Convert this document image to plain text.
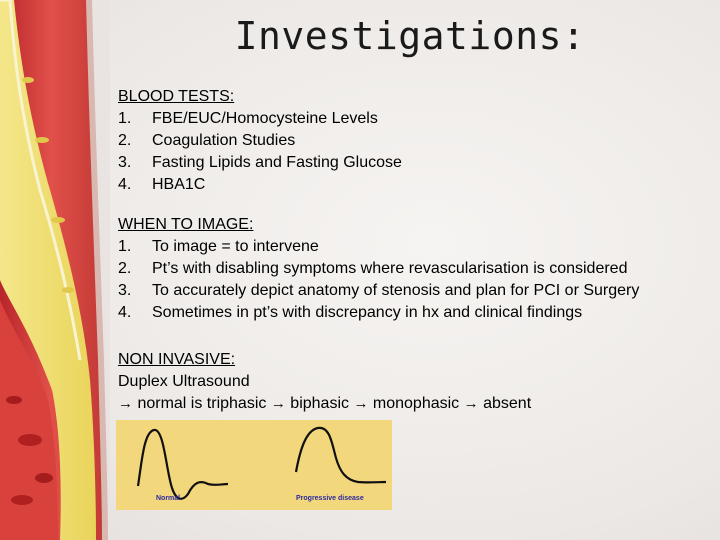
Investigations:
BLOOD TESTS:
1.	FBE/EUC/Homocysteine Levels
2.	Coagulation Studies
3.	Fasting Lipids and Fasting Glucose
4.	HBA1C
WHEN TO IMAGE:
1.	To image = to intervene
2.	Pt’s with disabling symptoms where revascularisation is considered
3.	To accurately depict anatomy of stenosis and plan for PCI or Surgery
4.	Sometimes in pt’s with discrepancy in hx and clinical findings
NON INVASIVE:
Duplex Ultrasound
→ normal is triphasic → biphasic → monophasic → absent
Normal	Progressive disease
